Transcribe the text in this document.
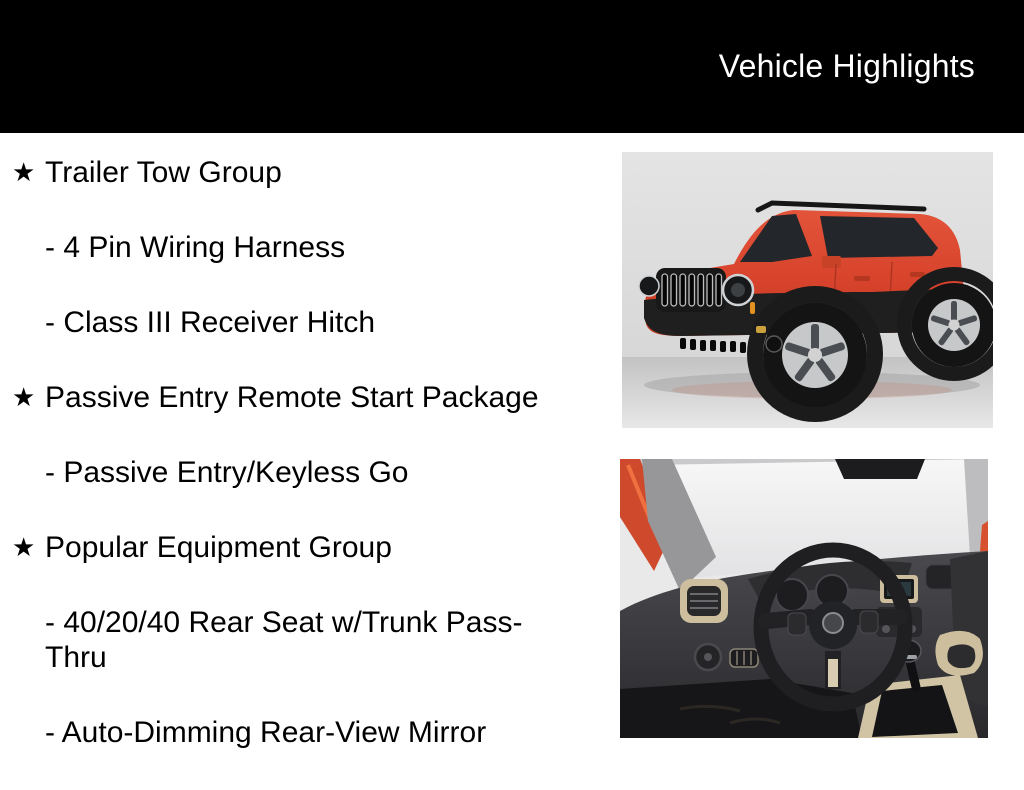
Vehicle Highlights
★ Trailer Tow Group
- 4 Pin Wiring Harness
- Class III Receiver Hitch
★ Passive Entry Remote Start Package
- Passive Entry/Keyless Go
★ Popular Equipment Group
- 40/20/40 Rear Seat w/Trunk Pass-Thru
- Auto-Dimming Rear-View Mirror
